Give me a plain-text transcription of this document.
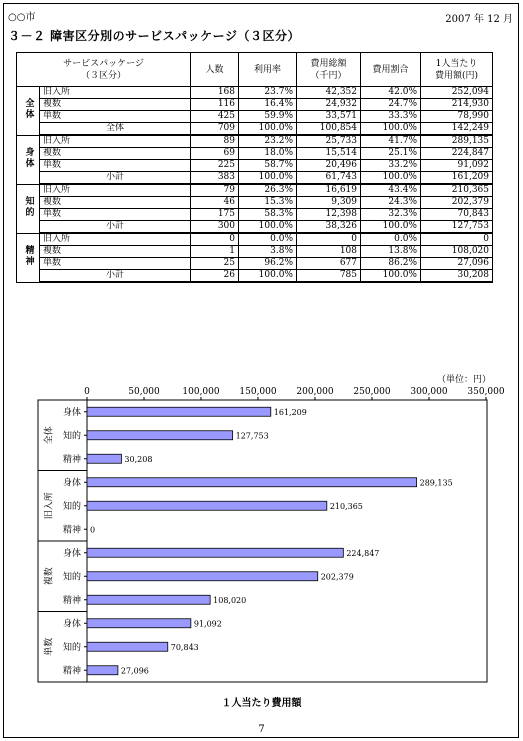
○○市	2007 年 12 月
３－２ 障害区分別のサービスパッケージ（３区分）
サービスパッケージ
（３区分）		人数	利用率	費用総額
（千円）	費用割合	1人当たり
費用額(円)
全体	旧入所	168	23.7%	42,352	42.0%	252,094
	複数	116	16.4%	24,932	24.7%	214,930
	単数	425	59.9%	33,571	33.3%	78,990
	全体	709	100.0%	100,854	100.0%	142,249
身体	旧入所	89	23.2%	25,733	41.7%	289,135
	複数	69	18.0%	15,514	25.1%	224,847
	単数	225	58.7%	20,496	33.2%	91,092
	小計	383	100.0%	61,743	100.0%	161,209
知的	旧入所	79	26.3%	16,619	43.4%	210,365
	複数	46	15.3%	9,309	24.3%	202,379
	単数	175	58.3%	12,398	32.3%	70,843
	小計	300	100.0%	38,326	100.0%	127,753
精神	旧入所	0	0.0%	0	0.0%	0
	複数	1	3.8%	108	13.8%	108,020
	単数	25	96.2%	677	86.2%	27,096
	小計	26	100.0%	785	100.0%	30,208
（単位：円）
0	50,000	100,000 150,000 200,000 250,000 300,000 350,000
全体
身体	161,209
知的	127,753
精神	30,208
旧入所
身体	289,135
知的	210,365
精神 0
複数
身体	224,847
知的	202,379
精神	108,020
単数
身体	91,092
知的	70,843
精神	27,096
１人当たり費用額
7
